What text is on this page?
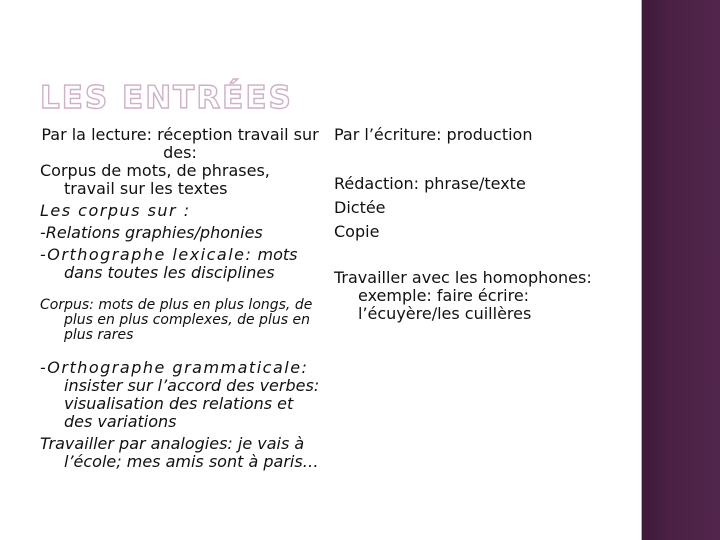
LES ENTRÉES
Par la lecture: réception travail sur des:
Corpus de mots, de phrases, travail sur les textes
Les corpus sur :
-Relations graphies/phonies
-Orthographe lexicale: mots dans toutes les disciplines
Corpus: mots de plus en plus longs, de plus en plus complexes, de plus en plus rares
-Orthographe grammaticale: insister sur l’accord des verbes: visualisation des relations et des variations
Travailler par analogies: je vais à l’école; mes amis sont à paris…
Par l’écriture: production
Rédaction: phrase/texte
Dictée
Copie
Travailler avec les homophones: exemple: faire écrire: l’écuyère/les cuillères
